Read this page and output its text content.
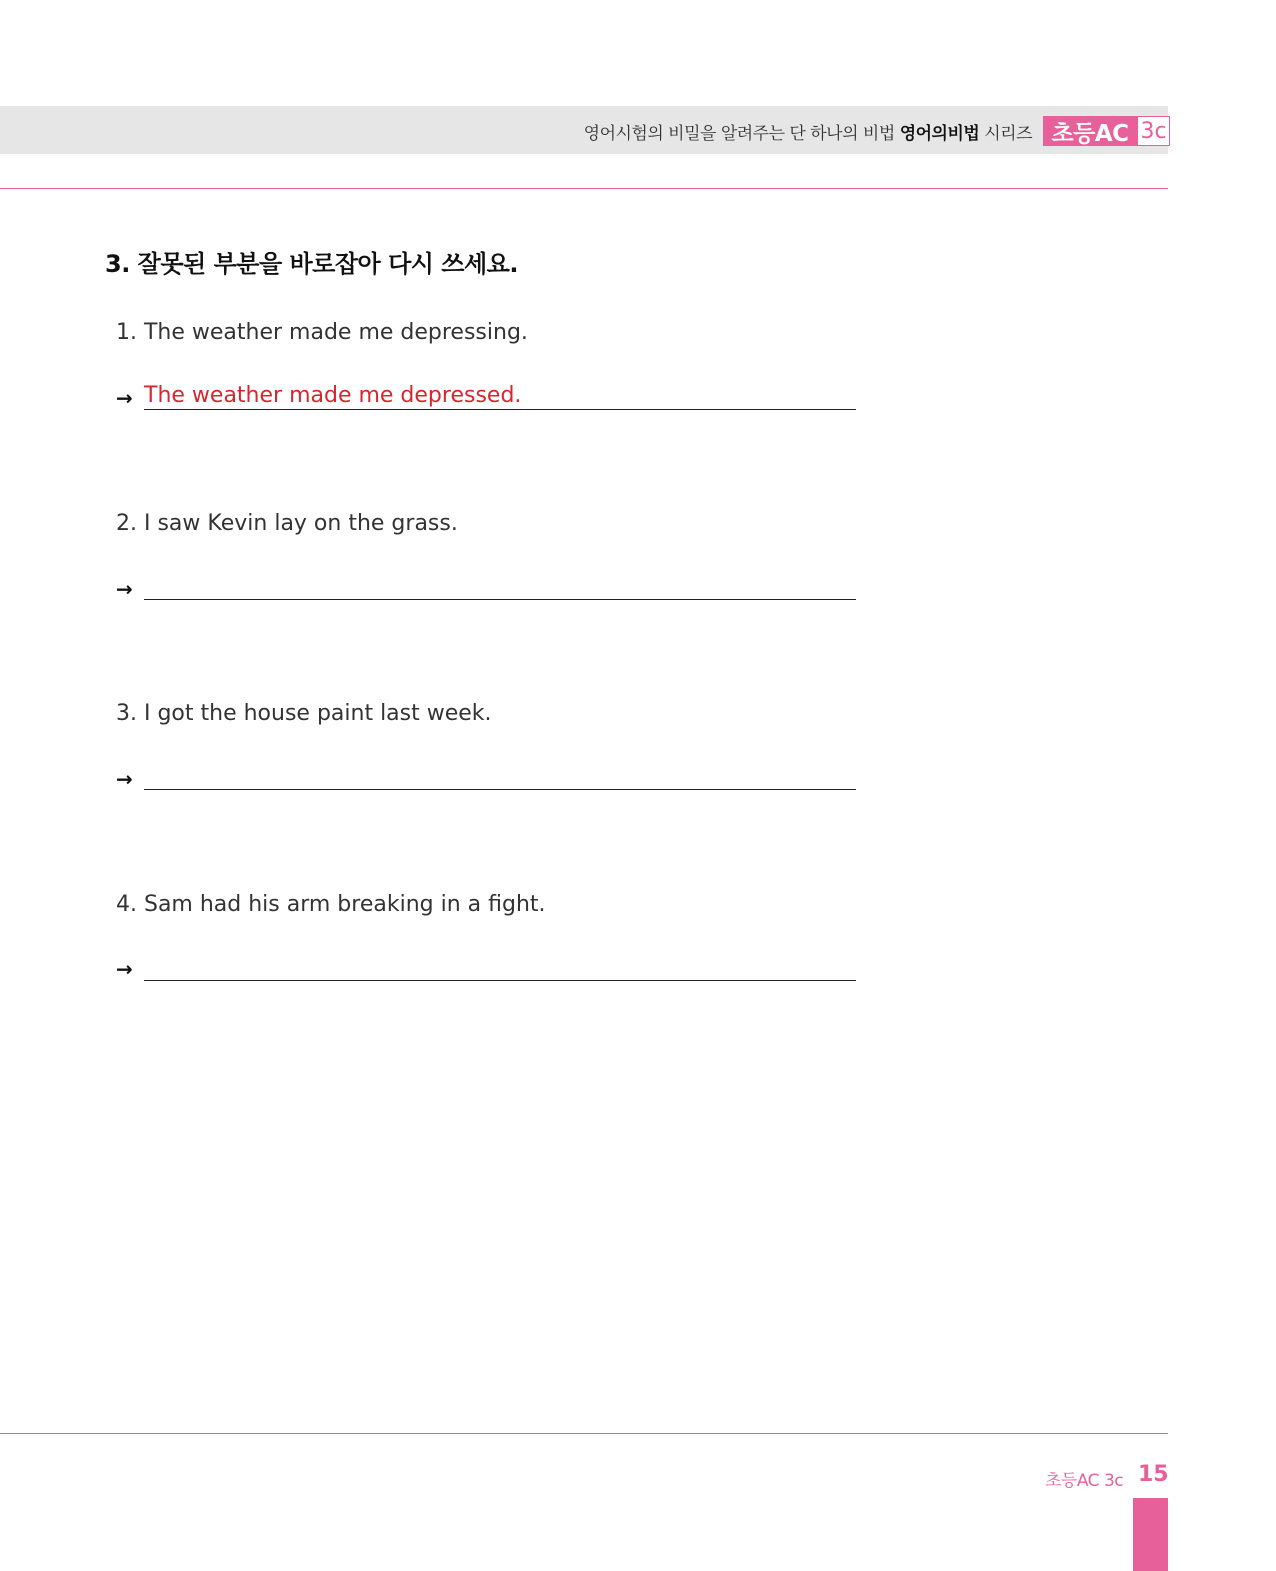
영어시험의 비밀을 알려주는 단 하나의 비법 영어의비법 시리즈 초등AC 3c
3. 잘못된 부분을 바로잡아 다시 쓰세요.
1. The weather made me depressing.
→ The weather made me depressed.
2. I saw Kevin lay on the grass.
→
3. I got the house paint last week.
→
4. Sam had his arm breaking in a fight.
→
초등AC 3c 15
